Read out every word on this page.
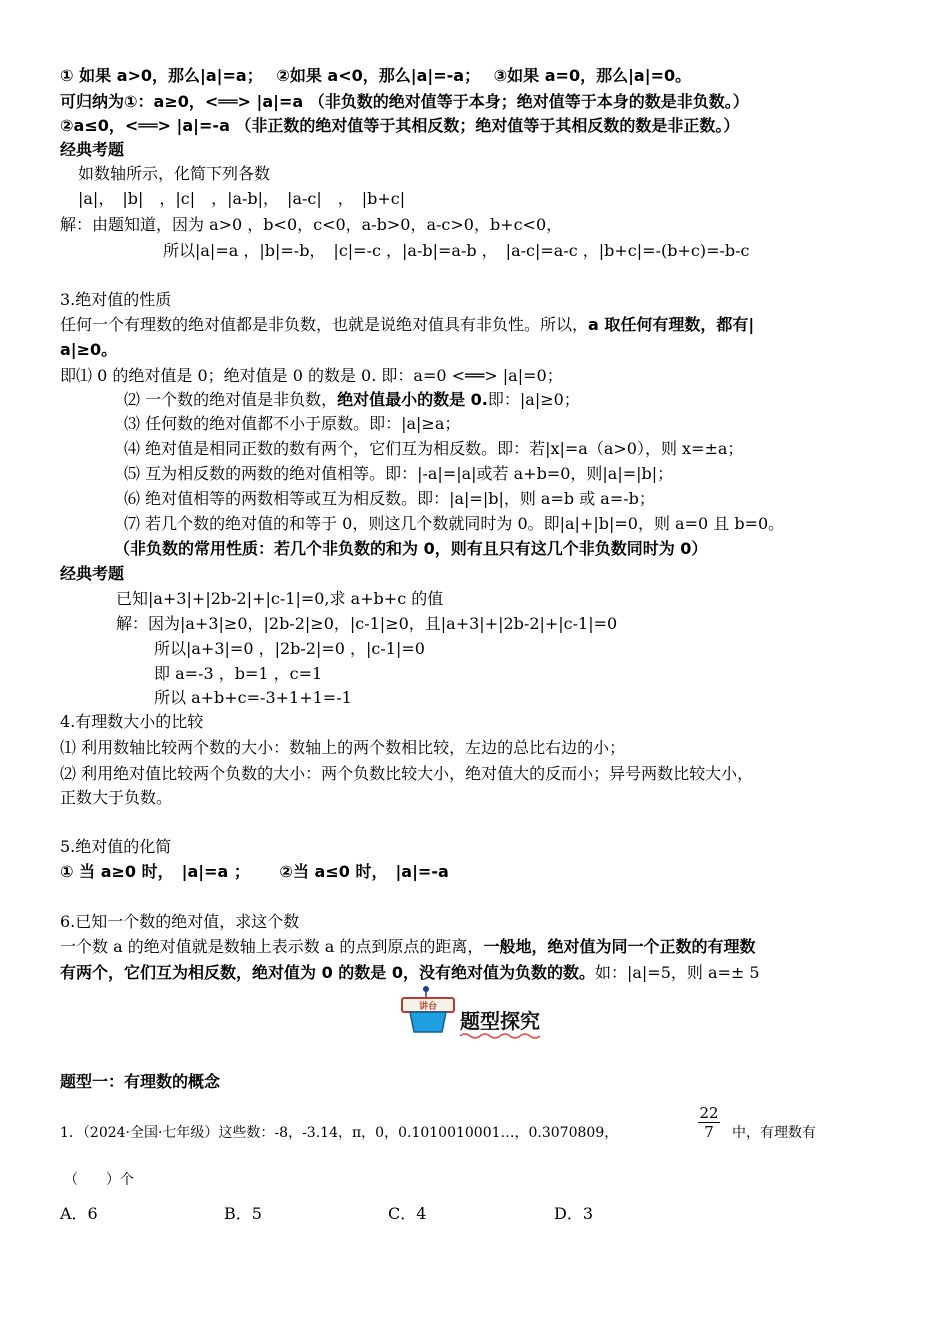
① 如果 a>0，那么|a|=a；　 ②如果 a<0，那么|a|=-a；　 ③如果 a=0，那么|a|=0。
可归纳为①：a≥0，<══> |a|=a （非负数的绝对值等于本身；绝对值等于本身的数是非负数。）
②a≤0，<══> |a|=-a （非正数的绝对值等于其相反数；绝对值等于其相反数的数是非正数。）
经典考题
如数轴所示，化简下列各数
|a|，　|b|　，|c|　，|a-b|，　|a-c|　，　|b+c|
解：由题知道，因为 a>0 ，b<0，c<0，a-b>0，a-c>0，b+c<0，
所以|a|=a ，|b|=-b，　|c|=-c ，|a-b|=a-b ，　|a-c|=a-c ，|b+c|=-(b+c)=-b-c
3.绝对值的性质
任何一个有理数的绝对值都是非负数，也就是说绝对值具有非负性。所以，a 取任何有理数，都有|
a|≥0。
即⑴ 0 的绝对值是 0；绝对值是 0 的数是 0. 即：a=0 <══> |a|=0；
⑵ 一个数的绝对值是非负数，绝对值最小的数是 0.即：|a|≥0；
⑶ 任何数的绝对值都不小于原数。即：|a|≥a；
⑷ 绝对值是相同正数的数有两个，它们互为相反数。即：若|x|=a（a>0），则 x=±a；
⑸ 互为相反数的两数的绝对值相等。即：|-a|=|a|或若 a+b=0，则|a|=|b|；
⑹ 绝对值相等的两数相等或互为相反数。即：|a|=|b|，则 a=b 或 a=-b；
⑺ 若几个数的绝对值的和等于 0，则这几个数就同时为 0。即|a|+|b|=0，则 a=0 且 b=0。
（非负数的常用性质：若几个非负数的和为 0，则有且只有这几个非负数同时为 0）
经典考题
已知|a+3|+|2b-2|+|c-1|=0,求 a+b+c 的值
解：因为|a+3|≥0，|2b-2|≥0，|c-1|≥0，且|a+3|+|2b-2|+|c-1|=0
所以|a+3|=0 ，|2b-2|=0 ，|c-1|=0
即 a=-3 ，b=1 ，c=1
所以 a+b+c=-3+1+1=-1
4.有理数大小的比较
⑴ 利用数轴比较两个数的大小：数轴上的两个数相比较，左边的总比右边的小；
⑵ 利用绝对值比较两个负数的大小：两个负数比较大小，绝对值大的反而小；异号两数比较大小，
正数大于负数。
5.绝对值的化简
① 当 a≥0 时，　|a|=a ；　　 ②当 a≤0 时，　|a|=-a
6.已知一个数的绝对值，求这个数
一个数 a 的绝对值就是数轴上表示数 a 的点到原点的距离，一般地，绝对值为同一个正数的有理数
有两个，它们互为相反数，绝对值为 0 的数是 0，没有绝对值为负数的数。如：|a|=5，则 a=± 5
讲台
题型探究
题型一：有理数的概念
1．（2024·全国·七年级）这些数：-8，-3.14，π，0，0.1010010001…，0.3070809，	$\frac{22}{7}$ 中，有理数有
（　　）个
A．6	B．5	C．4	D．3
